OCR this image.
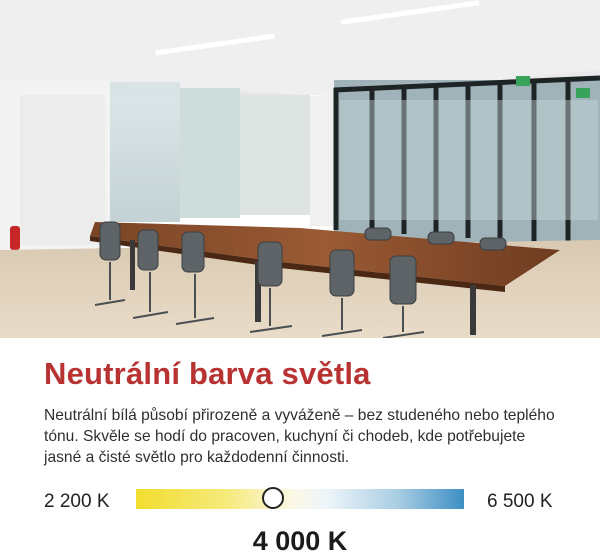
Neutrální barva světla
Neutrální bílá působí přirozeně a vyváženě – bez studeného nebo teplého tónu. Skvěle se hodí do pracoven, kuchyní či chodeb, kde potřebujete jasné a čisté světlo pro každodenní činnosti.
2 200 K	6 500 K
4 000 K
